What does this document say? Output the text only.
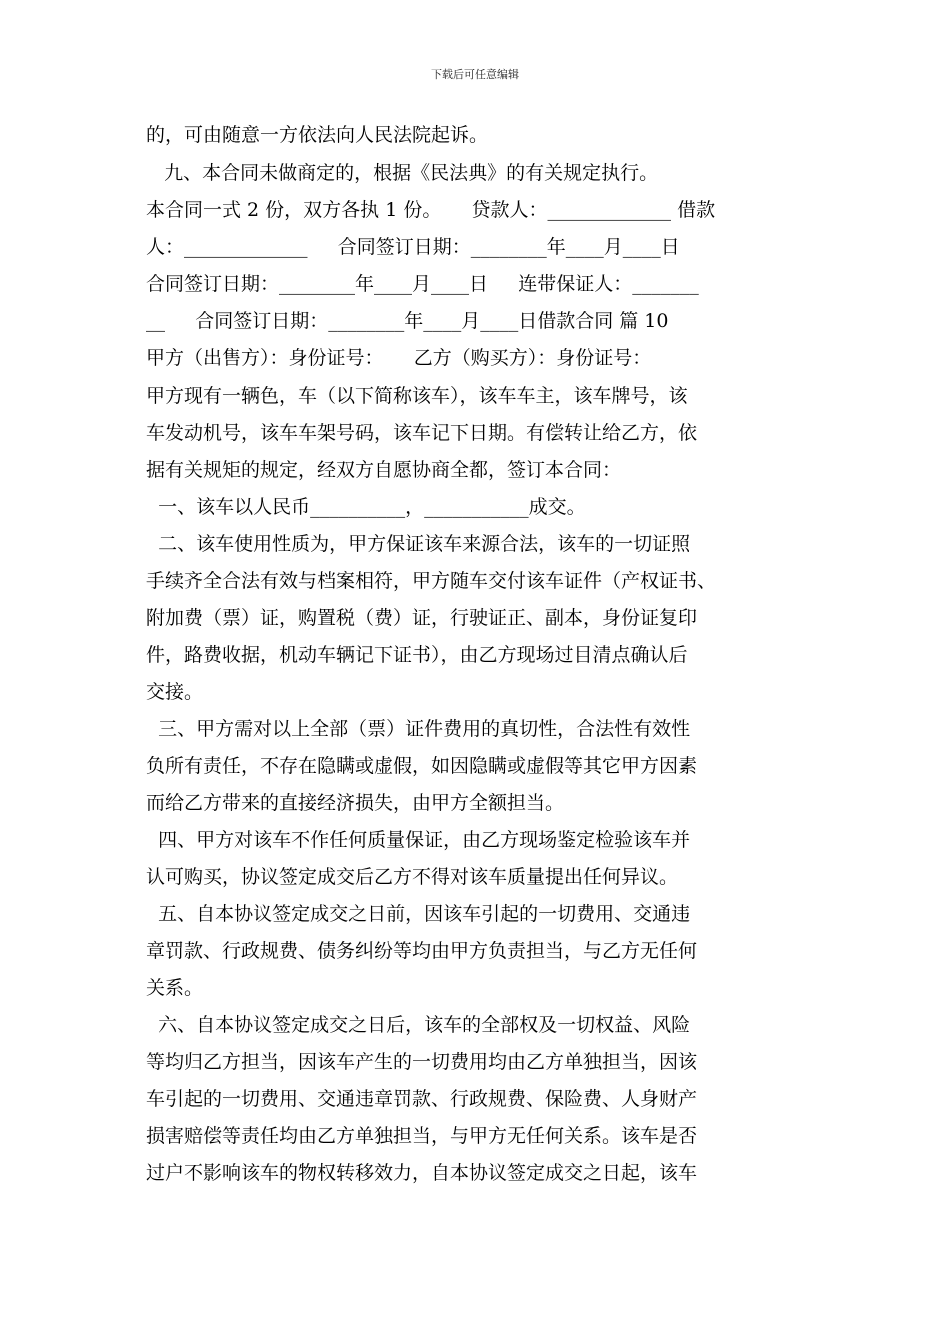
下载后可任意编辑
的，可由随意一方依法向人民法院起诉。
九、本合同未做商定的，根据《民法典》的有关规定执行。
本合同一式 2 份，双方各执 1 份。     贷款人：_____________ 借款
人：_____________     合同签订日期：________年____月____日
合同签订日期：________年____月____日     连带保证人：_______
__     合同签订日期：________年____月____日借款合同 篇 10
甲方（出售方）：身份证号：     乙方（购买方）：身份证号：
甲方现有一辆色，车（以下简称该车），该车车主，该车牌号，该
车发动机号，该车车架号码，该车记下日期。有偿转让给乙方，依
据有关规矩的规定，经双方自愿协商全都，签订本合同：
一、该车以人民币__________，___________成交。
二、该车使用性质为，甲方保证该车来源合法，该车的一切证照
手续齐全合法有效与档案相符，甲方随车交付该车证件（产权证书、
附加费（票）证，购置税（费）证，行驶证正、副本，身份证复印
件，路费收据，机动车辆记下证书），由乙方现场过目清点确认后
交接。
三、甲方需对以上全部（票）证件费用的真切性，合法性有效性
负所有责任，不存在隐瞒或虚假，如因隐瞒或虚假等其它甲方因素
而给乙方带来的直接经济损失，由甲方全额担当。
四、甲方对该车不作任何质量保证，由乙方现场鉴定检验该车并
认可购买，协议签定成交后乙方不得对该车质量提出任何异议。
五、自本协议签定成交之日前，因该车引起的一切费用、交通违
章罚款、行政规费、债务纠纷等均由甲方负责担当，与乙方无任何
关系。
六、自本协议签定成交之日后，该车的全部权及一切权益、风险
等均归乙方担当，因该车产生的一切费用均由乙方单独担当，因该
车引起的一切费用、交通违章罚款、行政规费、保险费、人身财产
损害赔偿等责任均由乙方单独担当，与甲方无任何关系。该车是否
过户不影响该车的物权转移效力，自本协议签定成交之日起，该车
